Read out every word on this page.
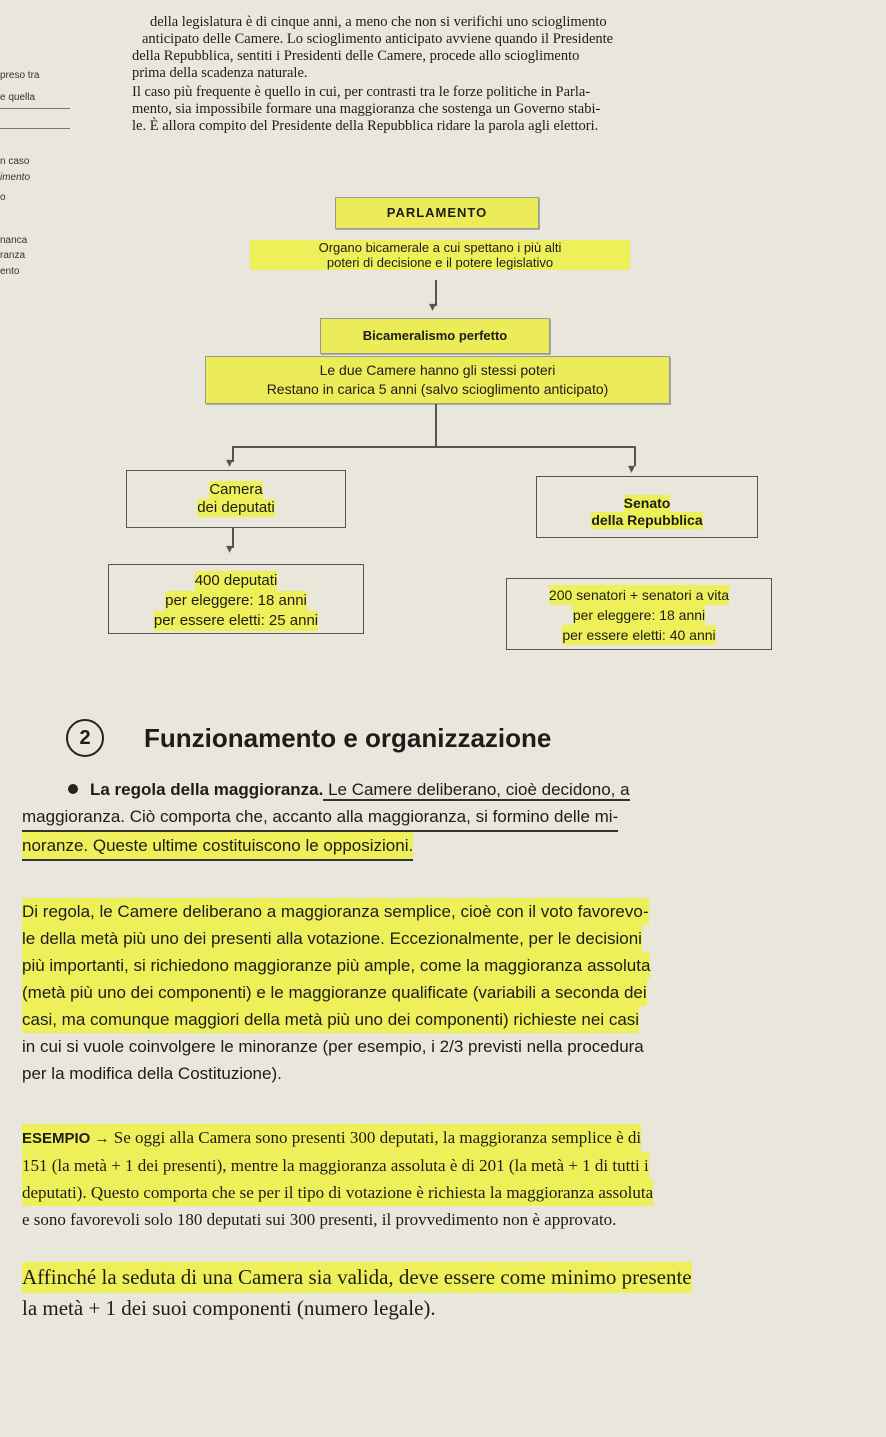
preso tra
e quella
n caso
imento
o
nanca
ranza
ento

della legislatura è di cinque anni, a meno che non si verifichi uno scioglimento

anticipato delle Camere. Lo scioglimento anticipato avviene quando il Presidente

della Repubblica, sentiti i Presidenti delle Camere, procede allo scioglimento

prima della scadenza naturale.

Il caso più frequente è quello in cui, per contrasti tra le forze politiche in Parla-

mento, sia impossibile formare una maggioranza che sostenga un Governo stabi-

le. È allora compito del Presidente della Repubblica ridare la parola agli elettori.

PARLAMENTO
Organo bicamerale a cui spettano i più alti
poteri di decisione e il potere legislativo
▾
Bicameralismo perfetto
Le due Camere hanno gli stessi poteri
Restano in carica 5 anni (salvo scioglimento anticipato)
▾	▾
Camera
dei deputati	Senato
della Repubblica
▾
400 deputati
per eleggere: 18 anni
per essere eletti: 25 anni
200 senatori + senatori a vita
per eleggere: 18 anni
per essere eletti: 40 anni
2	Funzionamento e organizzazione
La regola della maggioranza. Le Camere deliberano, cioè decidono, a
maggioranza. Ciò comporta che, accanto alla maggioranza, si formino delle mi-
noranze. Queste ultime costituiscono le opposizioni.
Di regola, le Camere deliberano a maggioranza semplice, cioè con il voto favorevo-
le della metà più uno dei presenti alla votazione. Eccezionalmente, per le decisioni
più importanti, si richiedono maggioranze più ample, come la maggioranza assoluta
(metà più uno dei componenti) e le maggioranze qualificate (variabili a seconda dei
casi, ma comunque maggiori della metà più uno dei componenti) richieste nei casi
in cui si vuole coinvolgere le minoranze (per esempio, i 2/3 previsti nella procedura
per la modifica della Costituzione).
ESEMPIO → Se oggi alla Camera sono presenti 300 deputati, la maggioranza semplice è di
151 (la metà + 1 dei presenti), mentre la maggioranza assoluta è di 201 (la metà + 1 di tutti i
deputati). Questo comporta che se per il tipo di votazione è richiesta la maggioranza assoluta
e sono favorevoli solo 180 deputati sui 300 presenti, il provvedimento non è approvato.
Affinché la seduta di una Camera sia valida, deve essere come minimo presente
la metà + 1 dei suoi componenti (numero legale).
